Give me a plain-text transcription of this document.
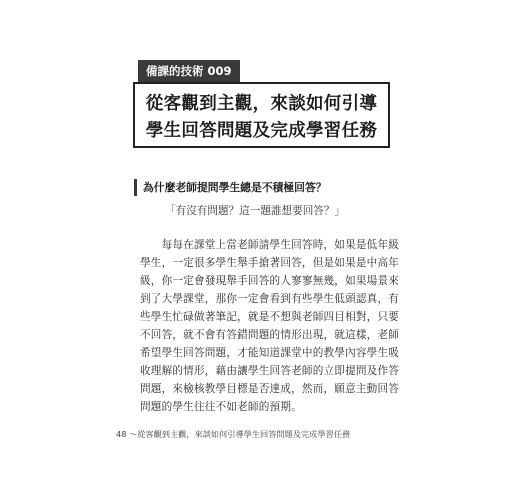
備課的技術 009
從客觀到主觀，來談如何引導
學生回答問題及完成學習任務
為什麼老師提問學生總是不積極回答？
「有沒有問題？這一題誰想要回答？」
　　每每在課堂上當老師請學生回答時，如果是低年級
學生，一定很多學生舉手搶著回答，但是如果是中高年
級，你一定會發現舉手回答的人寥寥無幾，如果場景來
到了大學課堂，那你一定會看到有些學生低頭認真，有
些學生忙碌做著筆記，就是不想與老師四目相對，只要
不回答，就不會有答錯問題的情形出現，就這樣，老師
希望學生回答問題，才能知道課堂中的教學內容學生吸
收理解的情形，藉由讓學生回答老師的立即提問及作答
問題，來檢核教學目標是否達成，然而，願意主動回答
問題的學生往往不如老師的預期。
48 ～從客觀到主觀，來談如何引導學生回答問題及完成學習任務
